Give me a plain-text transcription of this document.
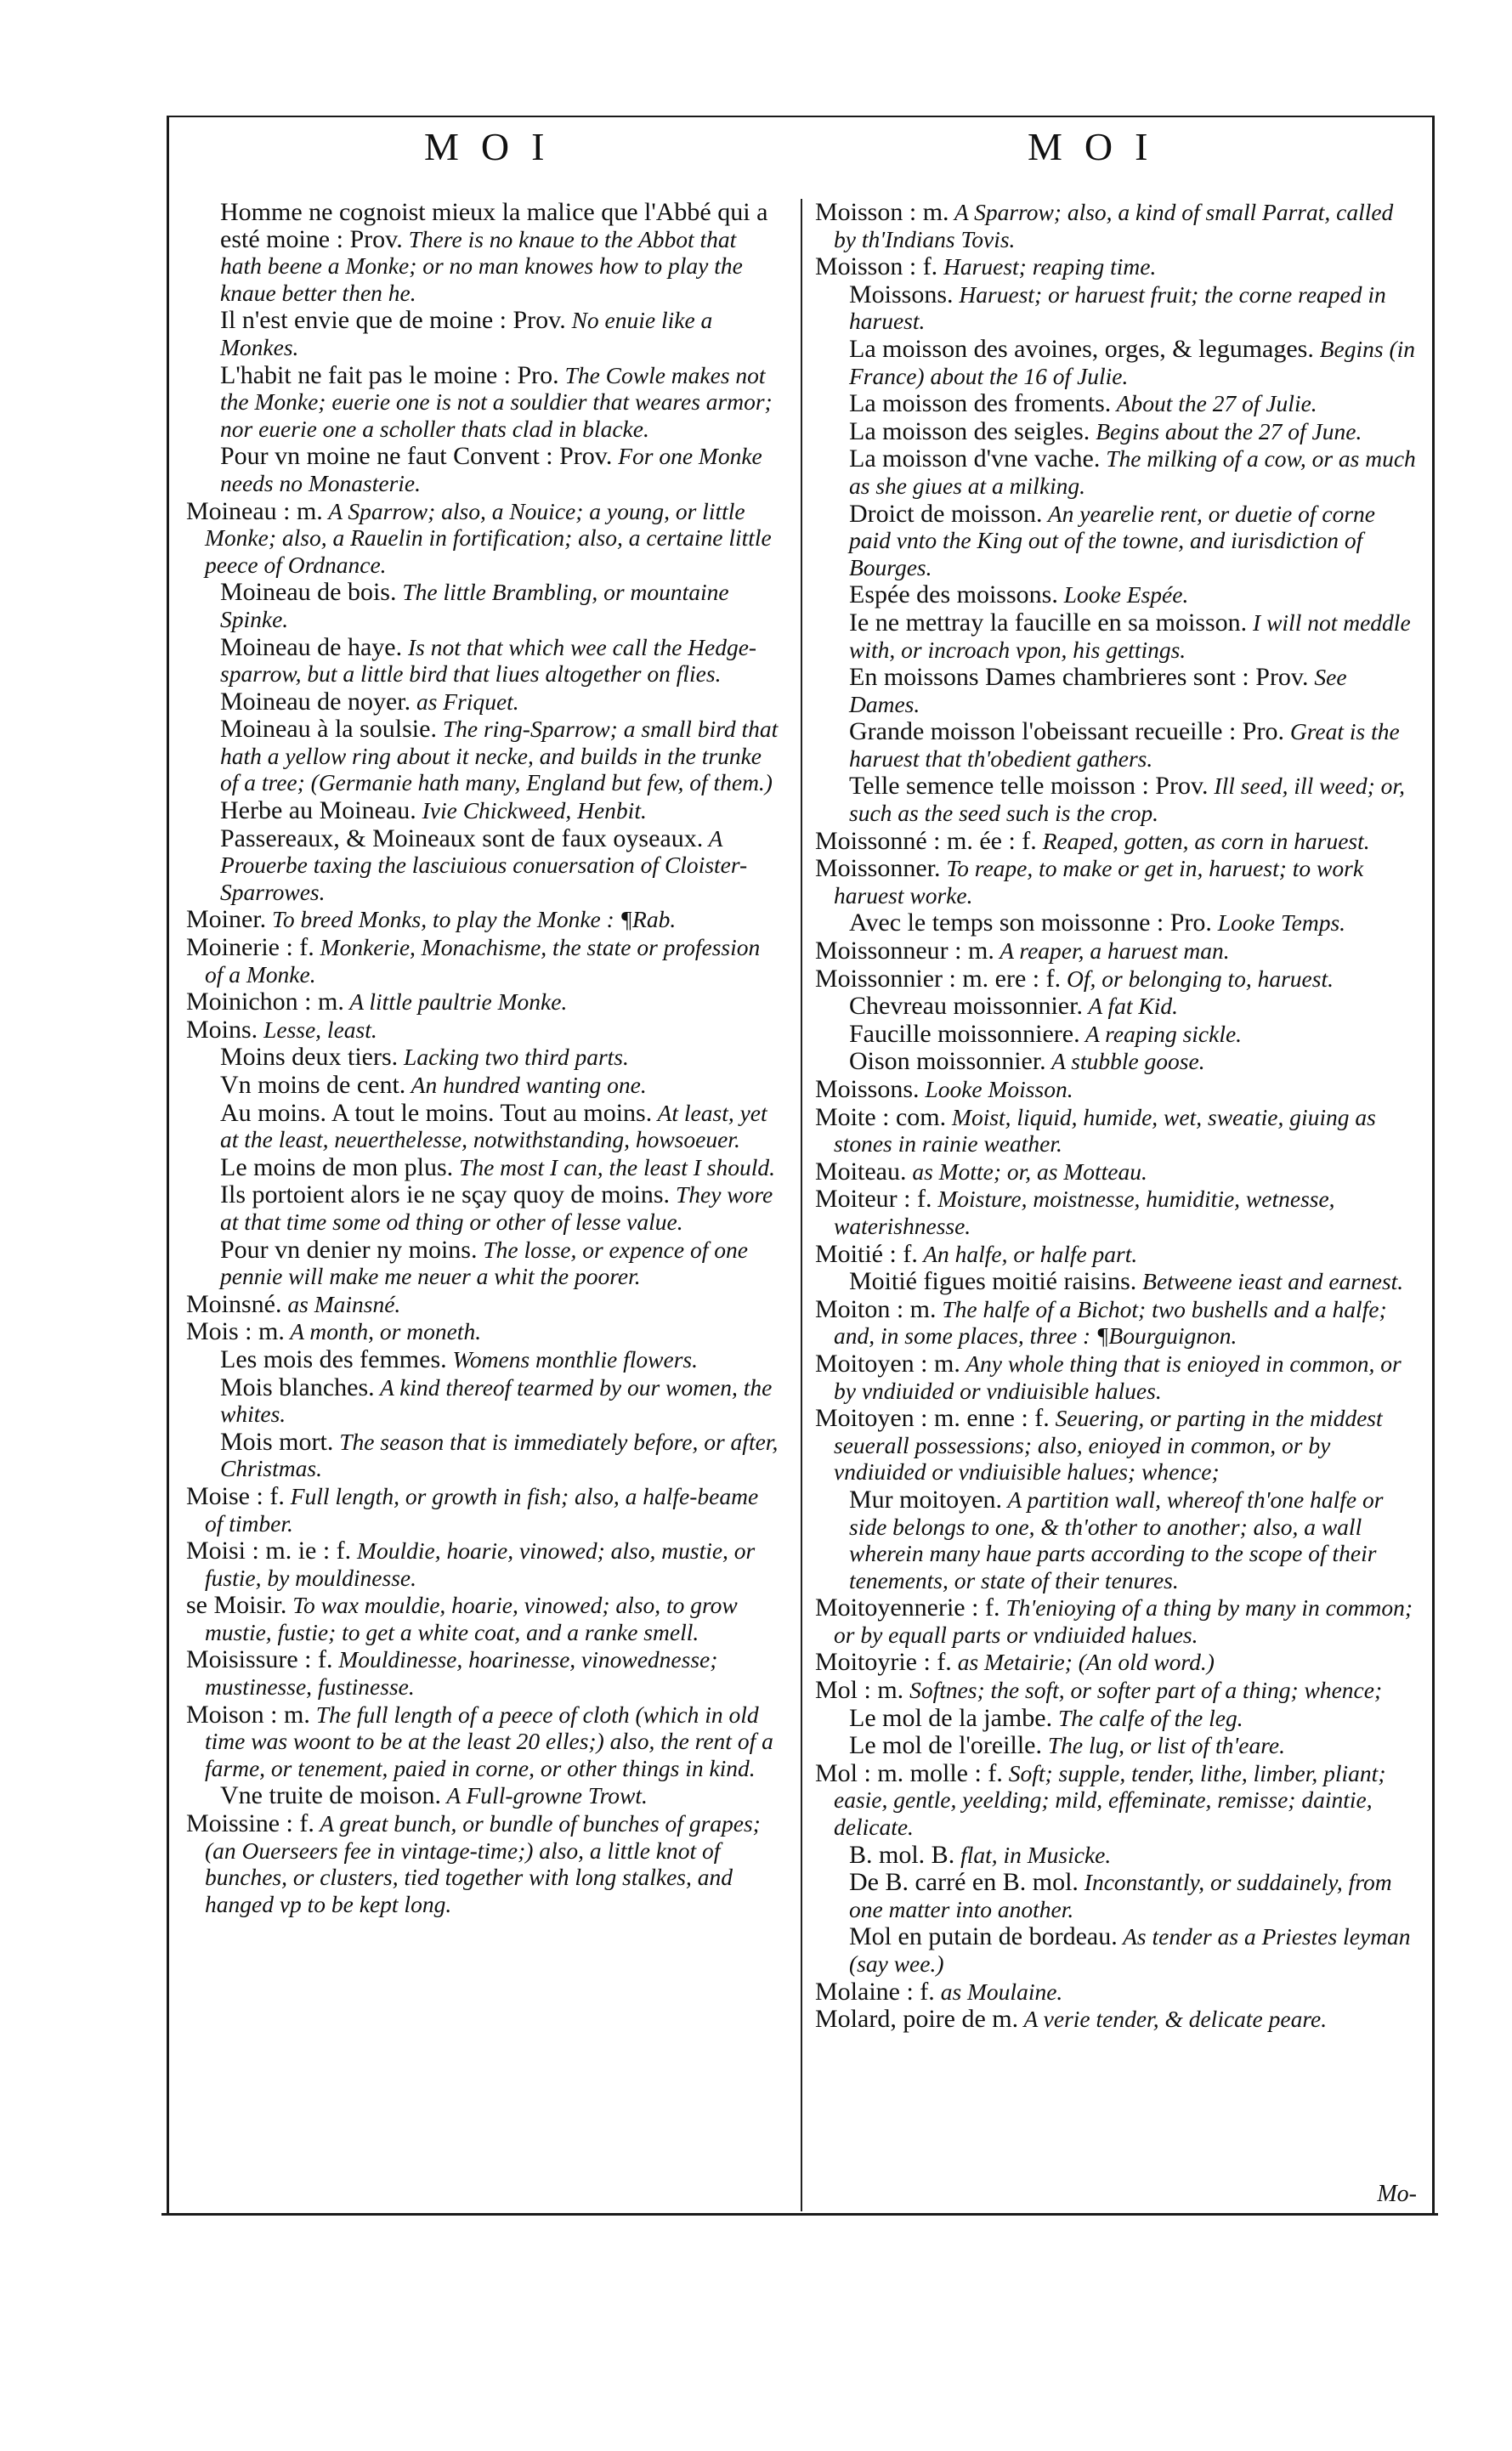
MOI	MOI
Homme ne cognoist mieux la malice que l'Abbé qui a esté moine : Prov. There is no knaue to the Abbot that hath beene a Monke; or no man knowes how to play the knaue better then he.
Il n'est envie que de moine : Prov. No enuie like a Monkes.
L'habit ne fait pas le moine : Pro. The Cowle makes not the Monke; euerie one is not a souldier that weares armor; nor euerie one a scholler thats clad in blacke.
Pour vn moine ne faut Convent : Prov. For one Monke needs no Monasterie.
Moineau : m. A Sparrow; also, a Nouice; a young, or little Monke; also, a Rauelin in fortification; also, a certaine little peece of Ordnance.
Moineau de bois. The little Brambling, or mountaine Spinke.
Moineau de haye. Is not that which wee call the Hedge-sparrow, but a little bird that liues altogether on flies.
Moineau de noyer. as Friquet.
Moineau à la soulsie. The ring-Sparrow; a small bird that hath a yellow ring about it necke, and builds in the trunke of a tree; (Germanie hath many, England but few, of them.)
Herbe au Moineau. Ivie Chickweed, Henbit.
Passereaux, & Moineaux sont de faux oyseaux. A Prouerbe taxing the lasciuious conuersation of Cloister-Sparrowes.
Moiner. To breed Monks, to play the Monke : ¶Rab.
Moinerie : f. Monkerie, Monachisme, the state or profession of a Monke.
Moinichon : m. A little paultrie Monke.
Moins. Lesse, least.
Moins deux tiers. Lacking two third parts.
Vn moins de cent. An hundred wanting one.
Au moins. A tout le moins. Tout au moins. At least, yet at the least, neuerthelesse, notwithstanding, howsoeuer.
Le moins de mon plus. The most I can, the least I should.
Ils portoient alors ie ne sçay quoy de moins. They wore at that time some od thing or other of lesse value.
Pour vn denier ny moins. The losse, or expence of one pennie will make me neuer a whit the poorer.
Moinsné. as Mainsné.
Mois : m. A month, or moneth.
Les mois des femmes. Womens monthlie flowers.
Mois blanches. A kind thereof tearmed by our women, the whites.
Mois mort. The season that is immediately before, or after, Christmas.
Moise : f. Full length, or growth in fish; also, a halfe-beame of timber.
Moisi : m. ie : f. Mouldie, hoarie, vinowed; also, mustie, or fustie, by mouldinesse.
se Moisir. To wax mouldie, hoarie, vinowed; also, to grow mustie, fustie; to get a white coat, and a ranke smell.
Moisissure : f. Mouldinesse, hoarinesse, vinowednesse; mustinesse, fustinesse.
Moison : m. The full length of a peece of cloth (which in old time was woont to be at the least 20 elles;) also, the rent of a farme, or tenement, paied in corne, or other things in kind.
Vne truite de moison. A Full-growne Trowt.
Moissine : f. A great bunch, or bundle of bunches of grapes; (an Ouerseers fee in vintage-time;) also, a little knot of bunches, or clusters, tied together with long stalkes, and hanged vp to be kept long.
Moisson : m. A Sparrow; also, a kind of small Parrat, called by th'Indians Tovis.
Moisson : f. Haruest; reaping time.
Moissons. Haruest; or haruest fruit; the corne reaped in haruest.
La moisson des avoines, orges, & legumages. Begins (in France) about the 16 of Julie.
La moisson des froments. About the 27 of Julie.
La moisson des seigles. Begins about the 27 of June.
La moisson d'vne vache. The milking of a cow, or as much as she giues at a milking.
Droict de moisson. An yearelie rent, or duetie of corne paid vnto the King out of the towne, and iurisdiction of Bourges.
Espée des moissons. Looke Espée.
Ie ne mettray la faucille en sa moisson. I will not meddle with, or incroach vpon, his gettings.
En moissons Dames chambrieres sont : Prov. See Dames.
Grande moisson l'obeissant recueille : Pro. Great is the haruest that th'obedient gathers.
Telle semence telle moisson : Prov. Ill seed, ill weed; or, such as the seed such is the crop.
Moissonné : m. ée : f. Reaped, gotten, as corn in haruest.
Moissonner. To reape, to make or get in, haruest; to work haruest worke.
Avec le temps son moissonne : Pro. Looke Temps.
Moissonneur : m. A reaper, a haruest man.
Moissonnier : m. ere : f. Of, or belonging to, haruest.
Chevreau moissonnier. A fat Kid.
Faucille moissonniere. A reaping sickle.
Oison moissonnier. A stubble goose.
Moissons. Looke Moisson.
Moite : com. Moist, liquid, humide, wet, sweatie, giuing as stones in rainie weather.
Moiteau. as Motte; or, as Motteau.
Moiteur : f. Moisture, moistnesse, humiditie, wetnesse, waterishnesse.
Moitié : f. An halfe, or halfe part.
Moitié figues moitié raisins. Betweene ieast and earnest.
Moiton : m. The halfe of a Bichot; two bushells and a halfe; and, in some places, three : ¶Bourguignon.
Moitoyen : m. Any whole thing that is enioyed in common, or by vndiuided or vndiuisible halues.
Moitoyen : m. enne : f. Seuering, or parting in the middest seuerall possessions; also, enioyed in common, or by vndiuided or vndiuisible halues; whence;
Mur moitoyen. A partition wall, whereof th'one halfe or side belongs to one, & th'other to another; also, a wall wherein many haue parts according to the scope of their tenements, or state of their tenures.
Moitoyennerie : f. Th'enioying of a thing by many in common; or by equall parts or vndiuided halues.
Moitoyrie : f. as Metairie; (An old word.)
Mol : m. Softnes; the soft, or softer part of a thing; whence;
Le mol de la jambe. The calfe of the leg.
Le mol de l'oreille. The lug, or list of th'eare.
Mol : m. molle : f. Soft; supple, tender, lithe, limber, pliant; easie, gentle, yeelding; mild, effeminate, remisse; daintie, delicate.
B. mol. B. flat, in Musicke.
De B. carré en B. mol. Inconstantly, or suddainely, from one matter into another.
Mol en putain de bordeau. As tender as a Priestes leyman (say wee.)
Molaine : f. as Moulaine.
Molard, poire de m. A verie tender, & delicate peare.
Mo-
